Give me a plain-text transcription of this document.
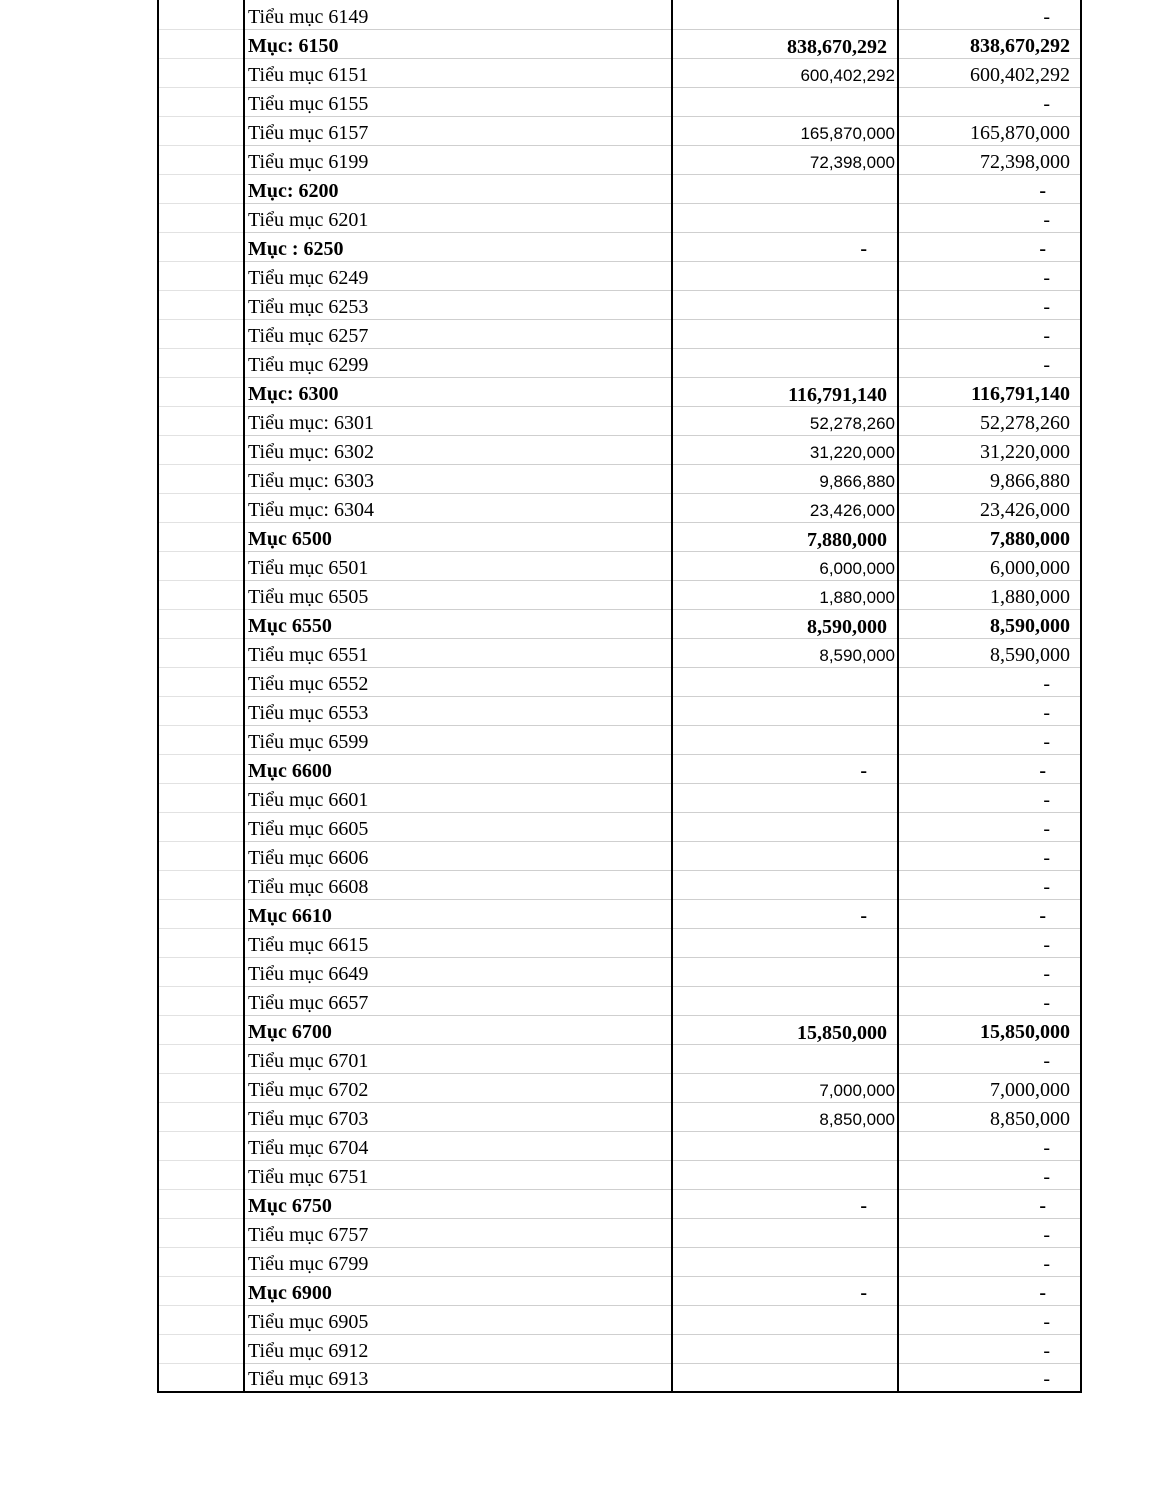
	Tiểu mục 6149		-
	Mục: 6150	838,670,292	838,670,292
	Tiểu mục 6151	600,402,292	600,402,292
	Tiểu mục 6155		-
	Tiểu mục 6157	165,870,000	165,870,000
	Tiểu mục 6199	72,398,000	72,398,000
	Mục: 6200		-
	Tiểu mục 6201		-
	Mục : 6250	-	-
	Tiểu mục 6249		-
	Tiểu mục 6253		-
	Tiểu mục 6257		-
	Tiểu mục 6299		-
	Mục: 6300	116,791,140	116,791,140
	Tiểu mục: 6301	52,278,260	52,278,260
	Tiểu mục: 6302	31,220,000	31,220,000
	Tiểu mục: 6303	9,866,880	9,866,880
	Tiểu mục: 6304	23,426,000	23,426,000
	Mục 6500	7,880,000	7,880,000
	Tiểu mục 6501	6,000,000	6,000,000
	Tiểu mục 6505	1,880,000	1,880,000
	Mục 6550	8,590,000	8,590,000
	Tiểu mục 6551	8,590,000	8,590,000
	Tiểu mục 6552		-
	Tiểu mục 6553		-
	Tiểu mục 6599		-
	Mục 6600	-	-
	Tiểu mục 6601		-
	Tiểu mục 6605		-
	Tiểu mục 6606		-
	Tiểu mục 6608		-
	Mục 6610	-	-
	Tiểu mục 6615		-
	Tiểu mục 6649		-
	Tiểu mục 6657		-
	Mục 6700	15,850,000	15,850,000
	Tiểu mục 6701		-
	Tiểu mục 6702	7,000,000	7,000,000
	Tiểu mục 6703	8,850,000	8,850,000
	Tiểu mục 6704		-
	Tiểu mục 6751		-
	Mục 6750	-	-
	Tiểu mục 6757		-
	Tiểu mục 6799		-
	Mục 6900	-	-
	Tiểu mục 6905		-
	Tiểu mục 6912		-
	Tiểu mục 6913		-
